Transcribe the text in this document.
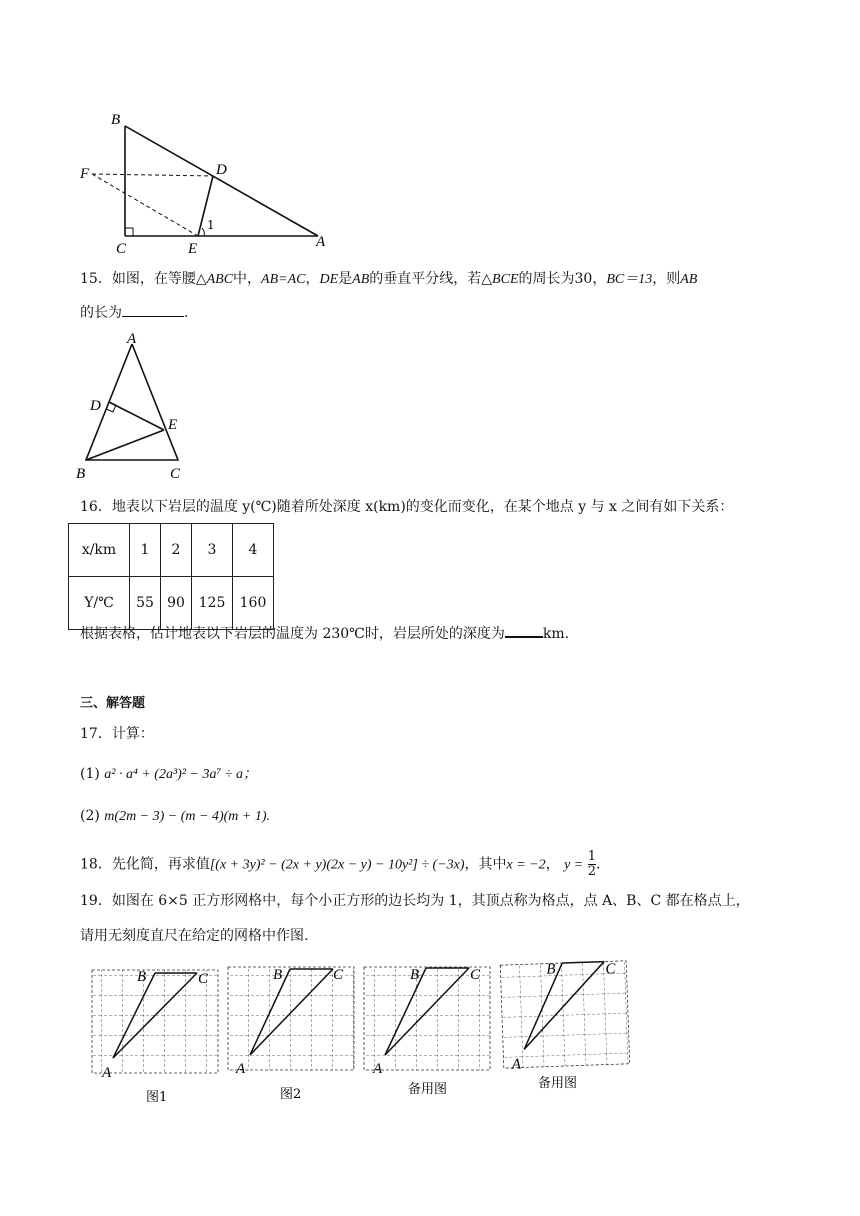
B
D
F
C	E	A
1
15．如图，在等腰△ABC中，AB=AC，DE是AB的垂直平分线，若△BCE的周长为30，BC＝13，则AB
的长为	.
A
D
E
B	C
16．地表以下岩层的温度 y(℃)随着所处深度 x(km)的变化而变化，在某个地点 y 与 x 之间有如下关系：
x/km	1	2	3	4
Y/℃	55	90	125	160
根据表格，估计地表以下岩层的温度为 230℃时，岩层所处的深度为	km.
三、解答题
17．计算：
(1) a² · a⁴ + (2a³)² − 3a⁷ ÷ a；
(2) m(2m − 3) − (m − 4)(m + 1).
18．先化简，再求值[(x + 3y)² − (2x + y)(2x − y) − 10y²] ÷ (−3x)，其中x = −2， $y = \frac{1}{2}$ .
19．如图在 6×5 正方形网格中，每个小正方形的边长均为 1，其顶点称为格点，点 A、B、C 都在格点上，
请用无刻度直尺在给定的网格中作图.
B	C
A
B	C
A
B	C
A
B	C
A
图1	图2	备用图	备用图
